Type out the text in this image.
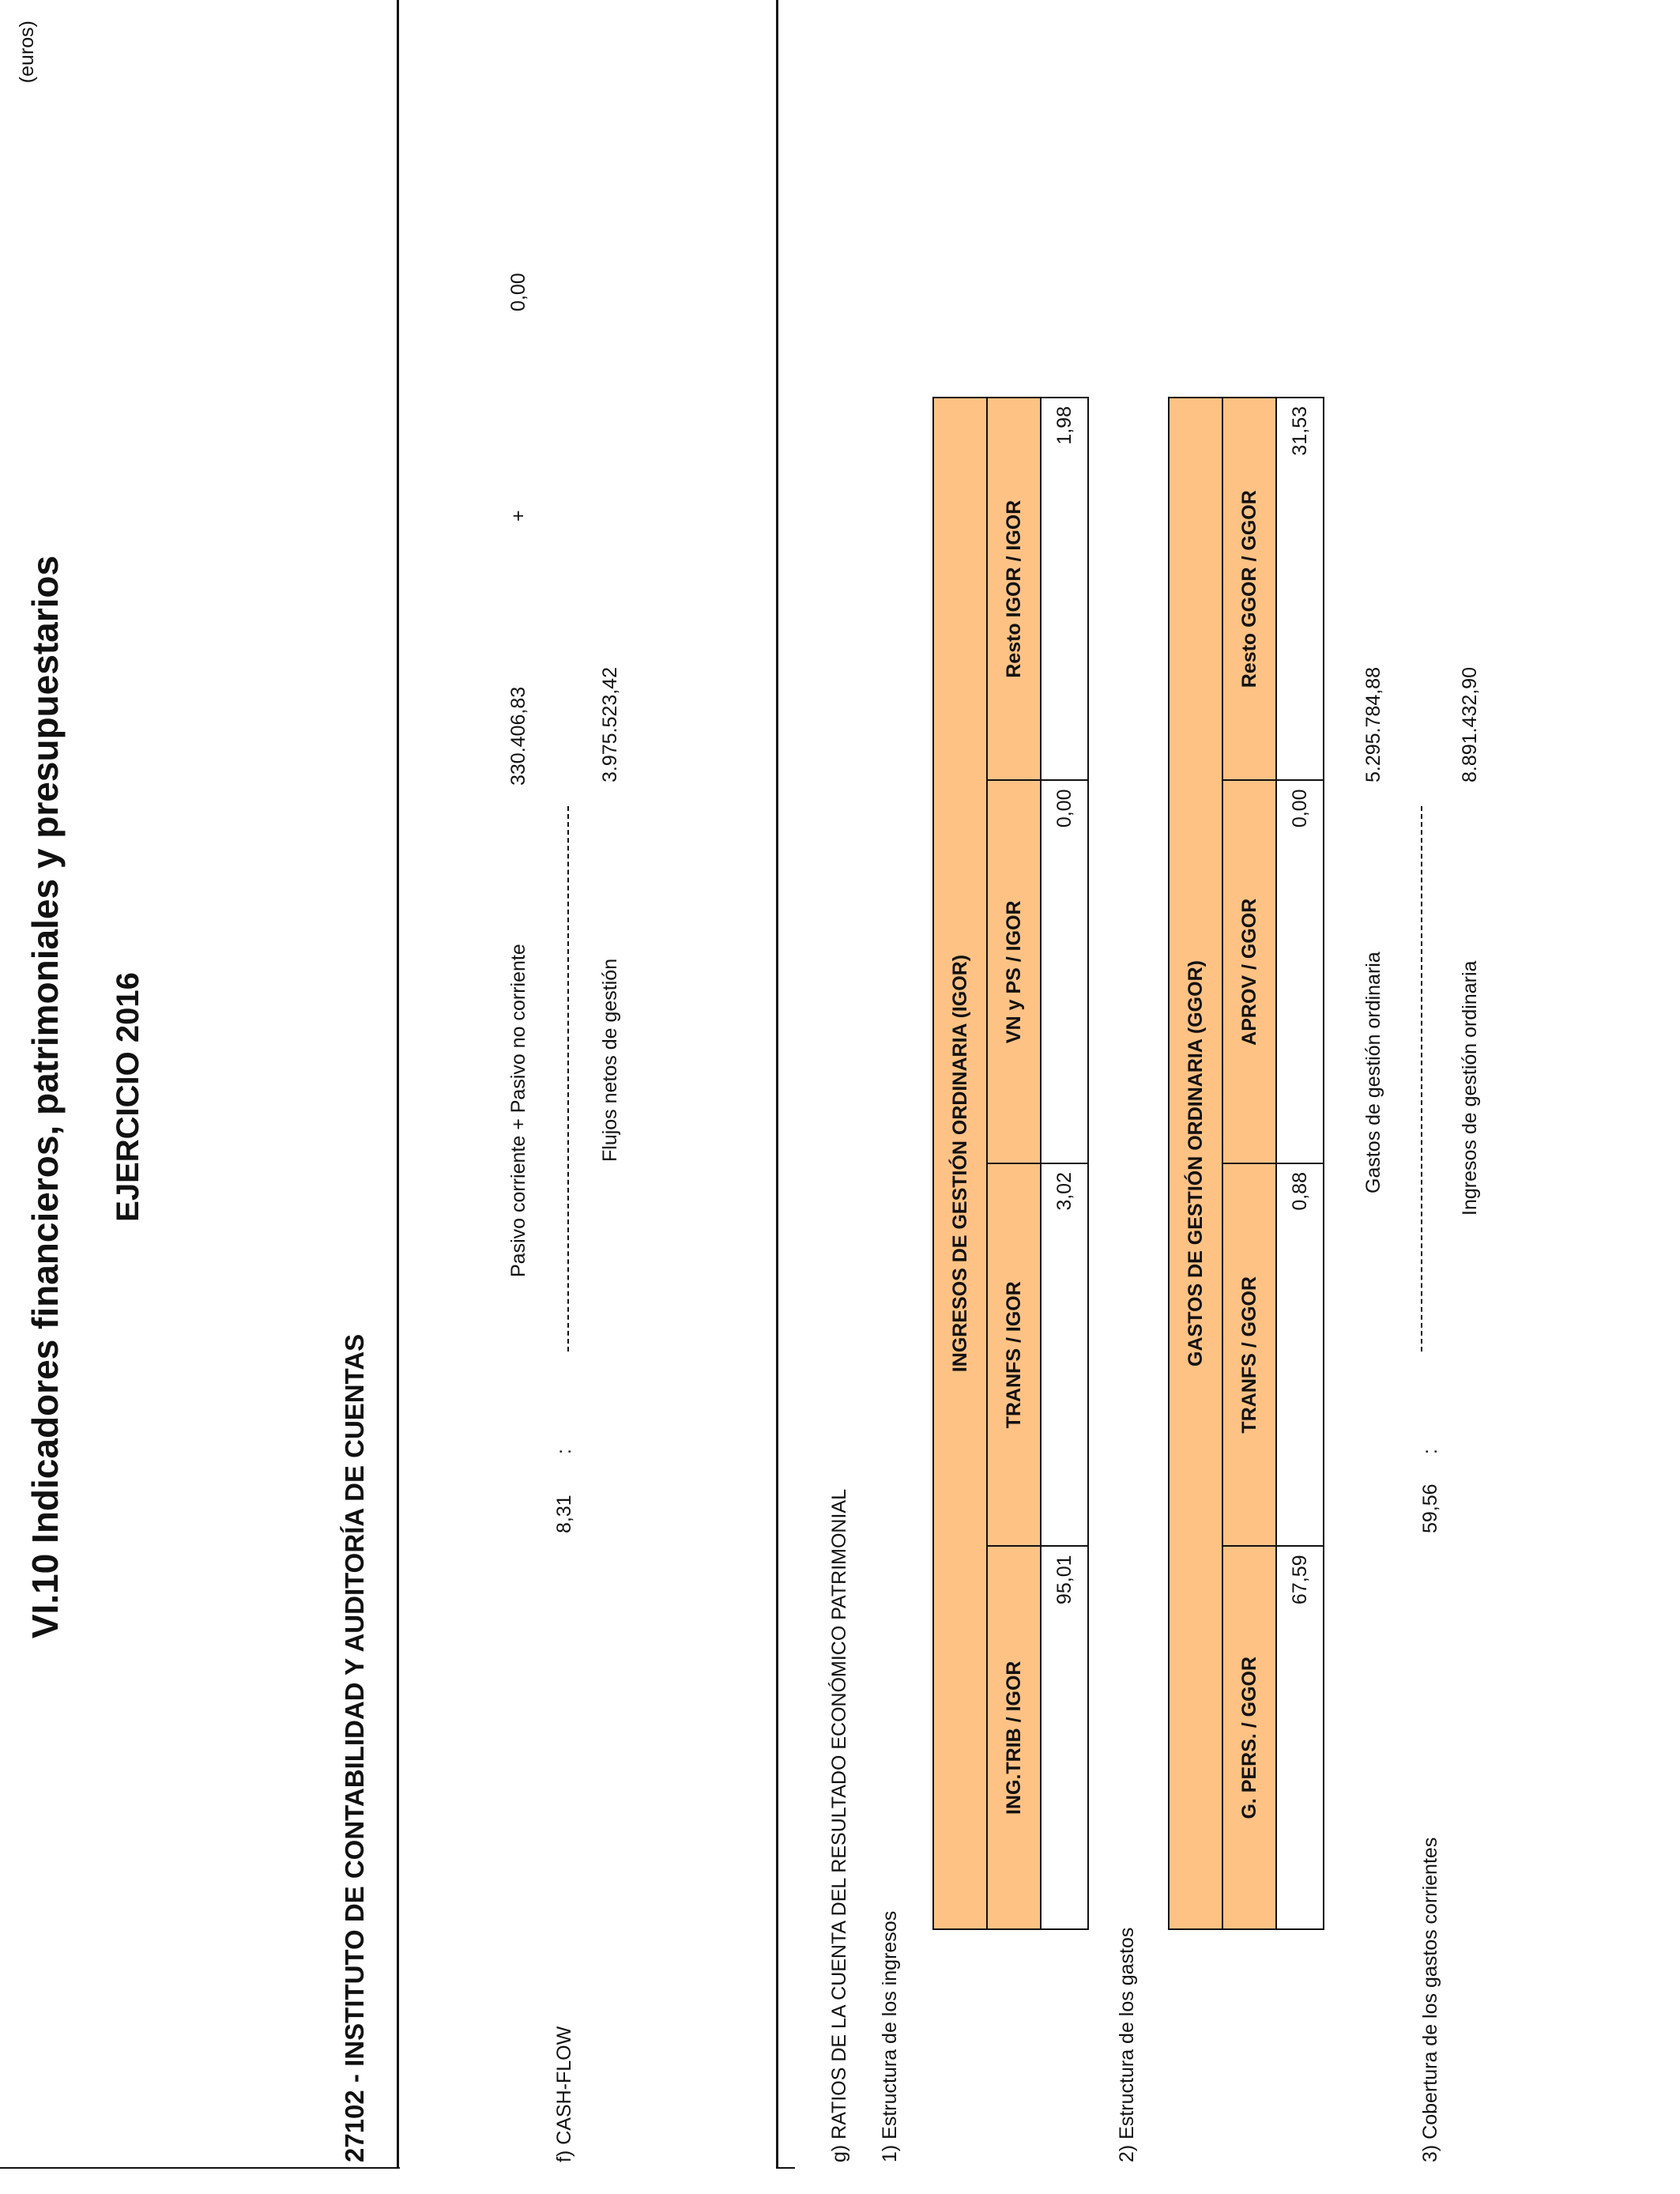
VI.10 Indicadores financieros, patrimoniales y presupuestarios EJERCICIO 2016
27102 - INSTITUTO DE CONTABILIDAD Y AUDITORÍA DE CUENTAS
(euros)
f) CASH-FLOW
8,31
:
Pasivo corriente + Pasivo no corriente
330.406,83
+
0,00
Flujos netos de gestión
3.975.523,42
g) RATIOS DE LA CUENTA DEL RESULTADO ECONÓMICO PATRIMONIAL 1) Estructura de los ingresos
INGRESOS DE GESTIÓN ORDINARIA (IGOR)			
ING.TRIB / IGOR	TRANFS / IGOR	VN y PS / IGOR	Resto IGOR / IGOR
95,01	3,02	0,00	1,98
2) Estructura de los gastos
GASTOS DE GESTIÓN ORDINARIA (GGOR)			
G. PERS. / GGOR	TRANFS / GGOR	APROV / GGOR	Resto GGOR / GGOR
67,59	0,88	0,00	31,53
3) Cobertura de los gastos corrientes
59,56
:
Gastos de gestión ordinaria
5.295.784,88
Ingresos de gestión ordinaria
8.891.432,90
